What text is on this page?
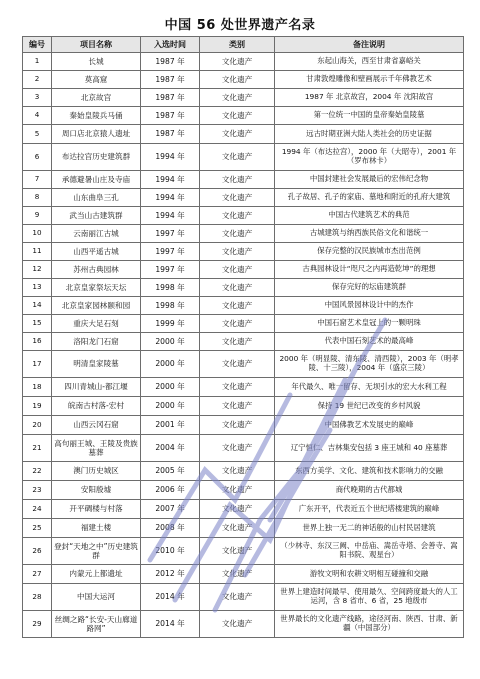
中国 56 处世界遗产名录
编号	项目名称	入选时间	类别	备注说明
1	长城	1987 年	文化遗产	东起山海关，西至甘肃省嘉峪关
2	莫高窟	1987 年	文化遗产	甘肃敦煌雕像和壁画展示千年佛教艺术
3	北京故宫	1987 年	文化遗产	1987 年 北京故宫，2004 年 沈阳故宫
4	秦始皇陵兵马俑	1987 年	文化遗产	第一位统一中国的皇帝秦始皇陵墓
5	周口店北京猿人遗址	1987 年	文化遗产	远古时期亚洲大陆人类社会的历史证据
6	布达拉宫历史建筑群	1994 年	文化遗产	1994 年（布达拉宫），2000 年（大昭寺），2001 年（罗布林卡）
7	承德避暑山庄及寺庙	1994 年	文化遗产	中国封建社会发展最后的宏伟纪念物
8	山东曲阜三孔	1994 年	文化遗产	孔子故居、孔子的家庙、墓地和附近的孔府大建筑
9	武当山古建筑群	1994 年	文化遗产	中国古代建筑艺术的典范
10	云南丽江古城	1997 年	文化遗产	古城建筑与纳西族民俗文化和谐统一
11	山西平遥古城	1997 年	文化遗产	保存完整的汉民族城市杰出范例
12	苏州古典园林	1997 年	文化遗产	古典园林设计“咫尺之内再造乾坤”的理想
13	北京皇家祭坛天坛	1998 年	文化遗产	保存完好的坛庙建筑群
14	北京皇家园林颐和园	1998 年	文化遗产	中国风景园林设计中的杰作
15	重庆大足石刻	1999 年	文化遗产	中国石窟艺术皇冠上的一颗明珠
16	洛阳龙门石窟	2000 年	文化遗产	代表中国石刻艺术的最高峰
17	明清皇家陵墓	2000 年	文化遗产	2000 年（明显陵、清东陵、清西陵），2003 年（明孝陵、十三陵），2004 年（盛京三陵）
18	四川青城山-都江堰	2000 年	文化遗产	年代最久、唯一留存、无坝引水的宏大水利工程
19	皖南古村落-宏村	2000 年	文化遗产	保持 19 世纪已改变的乡村风貌
20	山西云冈石窟	2001 年	文化遗产	中国佛教艺术发展史的巅峰
21	高句丽王城、王陵及贵族墓葬	2004 年	文化遗产	辽宁恒仁、吉林集安包括 3 座王城和 40 座墓葬
22	澳门历史城区	2005 年	文化遗产	东西方美学、文化、建筑和技术影响力的交融
23	安阳殷墟	2006 年	文化遗产	商代晚期的古代都城
24	开平碉楼与村落	2007 年	文化遗产	广东开平，代表近五个世纪塔楼建筑的巅峰
25	福建土楼	2008 年	文化遗产	世界上独一无二的神话般的山村民居建筑
26	登封“天地之中”历史建筑群	2010 年	文化遗产	（少林寺、东汉三阙、中岳庙、嵩岳寺塔、会善寺、嵩阳书院、观星台）
27	内蒙元上都遗址	2012 年	文化遗产	游牧文明和农耕文明相互碰撞和交融
28	中国大运河	2014 年	文化遗产	世界上建造时间最早、使用最久、空间跨度最大的人工运河，含 8 省市、6 省，25 地级市
29	丝绸之路“长安-天山廊道路网”	2014 年	文化遗产	世界最长的文化遗产线路，途径河南、陕西、甘肃、新疆（中国部分）
